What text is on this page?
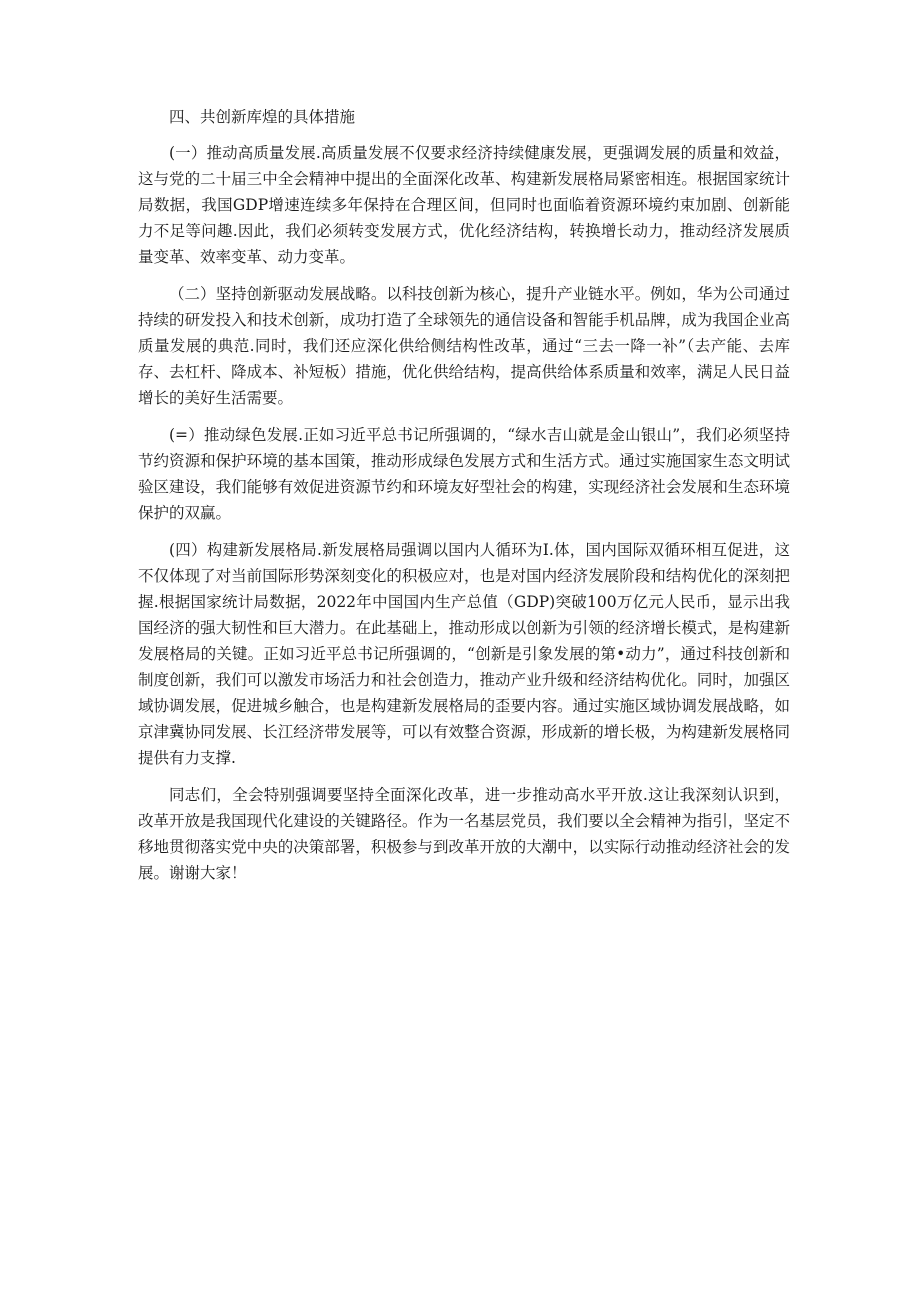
四、共创新库煌的具体措施

(一）推动高质量发展.高质量发展不仅要求经济持续健康发展，更强调发展的质量和效益，这与党的二十届三中全会精神中提出的全面深化改革、构建新发展格局紧密相连。根据国家统计局数据，我国GDP增速连续多年保持在合理区间，但同时也面临着资源环境约束加剧、创新能力不足等问趣.因此，我们必须转变发展方式，优化经济结构，转换增长动力，推动经济发展质量变革、效率变革、动力变革。

（二）坚持创新驱动发展战略。以科技创新为核心，提升产业链水平。例如，华为公司通过持续的研发投入和技术创新，成功打造了全球领先的通信设备和智能手机品牌，成为我国企业高质量发展的典范.同时，我们还应深化供给侧结构性改革，通过“三去一降一补”（去产能、去库存、去杠杆、降成本、补短板）措施，优化供给结构，提高供给体系质量和效率，满足人民日益增长的美好生活需要。

(=）推动绿色发展.正如习近平总书记所强调的，“绿水吉山就是金山银山”，我们必须坚持节约资源和保护环境的基本国策，推动形成绿色发展方式和生活方式。通过实施国家生态文明试验区建设，我们能够有效促进资源节约和环境友好型社会的构建，实现经济社会发展和生态环境保护的双赢。

(四）构建新发展格局.新发展格局强调以国内人循环为I.体，国内国际双循环相互促进，这不仅体现了对当前国际形势深刻变化的积极应对，也是对国内经济发展阶段和结构优化的深刻把握.根据国家统计局数据，2022年中国国内生产总值（GDP)突破100万亿元人民币，显示出我国经济的强大韧性和巨大潜力。在此基础上，推动形成以创新为引领的经济增长模式，是构建新发展格局的关键。正如习近平总书记所强调的，“创新是引象发展的第•动力”，通过科技创新和制度创新，我们可以激发市场活力和社会创造力，推动产业升级和经济结构优化。同时，加强区域协调发展，促进城乡触合，也是构建新发展格局的歪要内容。通过实施区域协调发展战略，如京津冀协同发展、长江经济带发展等，可以有效整合资源，形成新的增长极，为构建新发展格同提供有力支撑.

同志们，全会特别强调要坚持全面深化改革，进一步推动高水平开放.这让我深刻认识到，改革开放是我国现代化建设的关键路径。作为一名基层党员，我们要以全会精神为指引，坚定不移地贯彻落实党中央的决策部署，积极参与到改革开放的大潮中，以实际行动推动经济社会的发展。谢谢大家！
